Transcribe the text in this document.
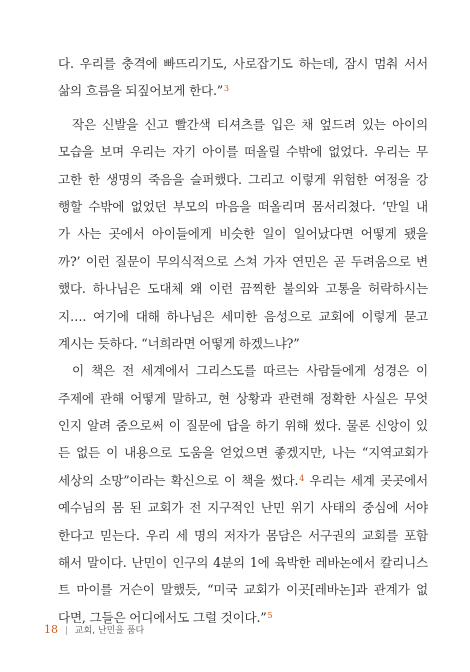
다. 우리를 충격에 빠뜨리기도, 사로잡기도 하는데, 잠시 멈춰 서서
삶의 흐름을 되짚어보게 한다.”$^3$
작은 신발을 신고 빨간색 티셔츠를 입은 채 엎드려 있는 아이의
모습을 보며 우리는 자기 아이를 떠올릴 수밖에 없었다. 우리는 무
고한 한 생명의 죽음을 슬퍼했다. 그리고 이렇게 위험한 여정을 강
행할 수밖에 없었던 부모의 마음을 떠올리며 몸서리쳤다. ‘만일 내
가 사는 곳에서 아이들에게 비슷한 일이 일어났다면 어떻게 됐을
까?’ 이런 질문이 무의식적으로 스쳐 가자 연민은 곧 두려움으로 변
했다. 하나님은 도대체 왜 이런 끔찍한 불의와 고통을 허락하시는
지…. 여기에 대해 하나님은 세미한 음성으로 교회에 이렇게 묻고
계시는 듯하다. “너희라면 어떻게 하겠느냐?”
이 책은 전 세계에서 그리스도를 따르는 사람들에게 성경은 이
주제에 관해 어떻게 말하고, 현 상황과 관련해 정확한 사실은 무엇
인지 알려 줌으로써 이 질문에 답을 하기 위해 썼다. 물론 신앙이 있
든 없든 이 내용으로 도움을 얻었으면 좋겠지만, 나는 “지역교회가
세상의 소망”이라는 확신으로 이 책을 썼다.$^4$ 우리는 세계 곳곳에서
예수님의 몸 된 교회가 전 지구적인 난민 위기 사태의 중심에 서야
한다고 믿는다. 우리 세 명의 저자가 몸담은 서구권의 교회를 포함
해서 말이다. 난민이 인구의 4분의 1에 육박한 레바논에서 칼리니스
트 마이를 거슨이 말했듯, “미국 교회가 이곳[레바논]과 관계가 없
다면, 그들은 어디에서도 그럴 것이다.”$^5$
18 | 교회, 난민을 품다
